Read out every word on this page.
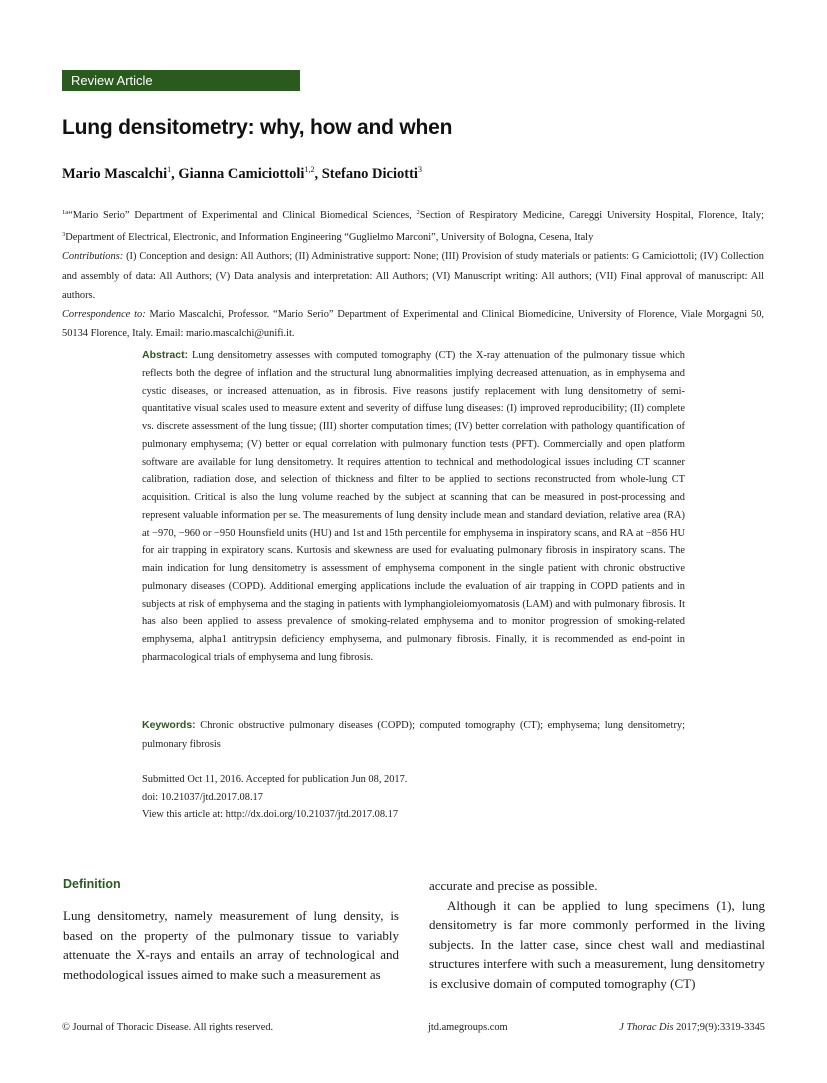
Review Article
Lung densitometry: why, how and when
Mario Mascalchi$^1$, Gianna Camiciottoli$^{1,2}$, Stefano Diciotti$^3$
$^{1a}$“Mario Serio” Department of Experimental and Clinical Biomedical Sciences, $^2$Section of Respiratory Medicine, Careggi University Hospital, Florence, Italy; $^3$Department of Electrical, Electronic, and Information Engineering “Guglielmo Marconi”, University of Bologna, Cesena, Italy
Contributions: (I) Conception and design: All Authors; (II) Administrative support: None; (III) Provision of study materials or patients: G Camiciottoli; (IV) Collection and assembly of data: All Authors; (V) Data analysis and interpretation: All Authors; (VI) Manuscript writing: All authors; (VII) Final approval of manuscript: All authors.
Correspondence to: Mario Mascalchi, Professor. “Mario Serio” Department of Experimental and Clinical Biomedicine, University of Florence, Viale Morgagni 50, 50134 Florence, Italy. Email: mario.mascalchi@unifi.it.
Abstract: Lung densitometry assesses with computed tomography (CT) the X-ray attenuation of the pulmonary tissue which reflects both the degree of inflation and the structural lung abnormalities implying decreased attenuation, as in emphysema and cystic diseases, or increased attenuation, as in fibrosis. Five reasons justify replacement with lung densitometry of semi-quantitative visual scales used to measure extent and severity of diffuse lung diseases: (I) improved reproducibility; (II) complete vs. discrete assessment of the lung tissue; (III) shorter computation times; (IV) better correlation with pathology quantification of pulmonary emphysema; (V) better or equal correlation with pulmonary function tests (PFT). Commercially and open platform software are available for lung densitometry. It requires attention to technical and methodological issues including CT scanner calibration, radiation dose, and selection of thickness and filter to be applied to sections reconstructed from whole-lung CT acquisition. Critical is also the lung volume reached by the subject at scanning that can be measured in post-processing and represent valuable information per se. The measurements of lung density include mean and standard deviation, relative area (RA) at −970, −960 or −950 Hounsfield units (HU) and 1st and 15th percentile for emphysema in inspiratory scans, and RA at −856 HU for air trapping in expiratory scans. Kurtosis and skewness are used for evaluating pulmonary fibrosis in inspiratory scans. The main indication for lung densitometry is assessment of emphysema component in the single patient with chronic obstructive pulmonary diseases (COPD). Additional emerging applications include the evaluation of air trapping in COPD patients and in subjects at risk of emphysema and the staging in patients with lymphangioleiomyomatosis (LAM) and with pulmonary fibrosis. It has also been applied to assess prevalence of smoking-related emphysema and to monitor progression of smoking-related emphysema, alpha1 antitrypsin deficiency emphysema, and pulmonary fibrosis. Finally, it is recommended as end-point in pharmacological trials of emphysema and lung fibrosis.
Keywords: Chronic obstructive pulmonary diseases (COPD); computed tomography (CT); emphysema; lung densitometry; pulmonary fibrosis
Submitted Oct 11, 2016. Accepted for publication Jun 08, 2017.
doi: 10.21037/jtd.2017.08.17
View this article at: http://dx.doi.org/10.21037/jtd.2017.08.17
Definition

Lung densitometry, namely measurement of lung density, is based on the property of the pulmonary tissue to variably attenuate the X-rays and entails an array of technological and methodological issues aimed to make such a measurement as

accurate and precise as possible.

Although it can be applied to lung specimens (1), lung densitometry is far more commonly performed in the living subjects. In the latter case, since chest wall and mediastinal structures interfere with such a measurement, lung densitometry is exclusive domain of computed tomography (CT)

© Journal of Thoracic Disease. All rights reserved.	jtd.amegroups.com	J Thorac Dis 2017;9(9):3319-3345
